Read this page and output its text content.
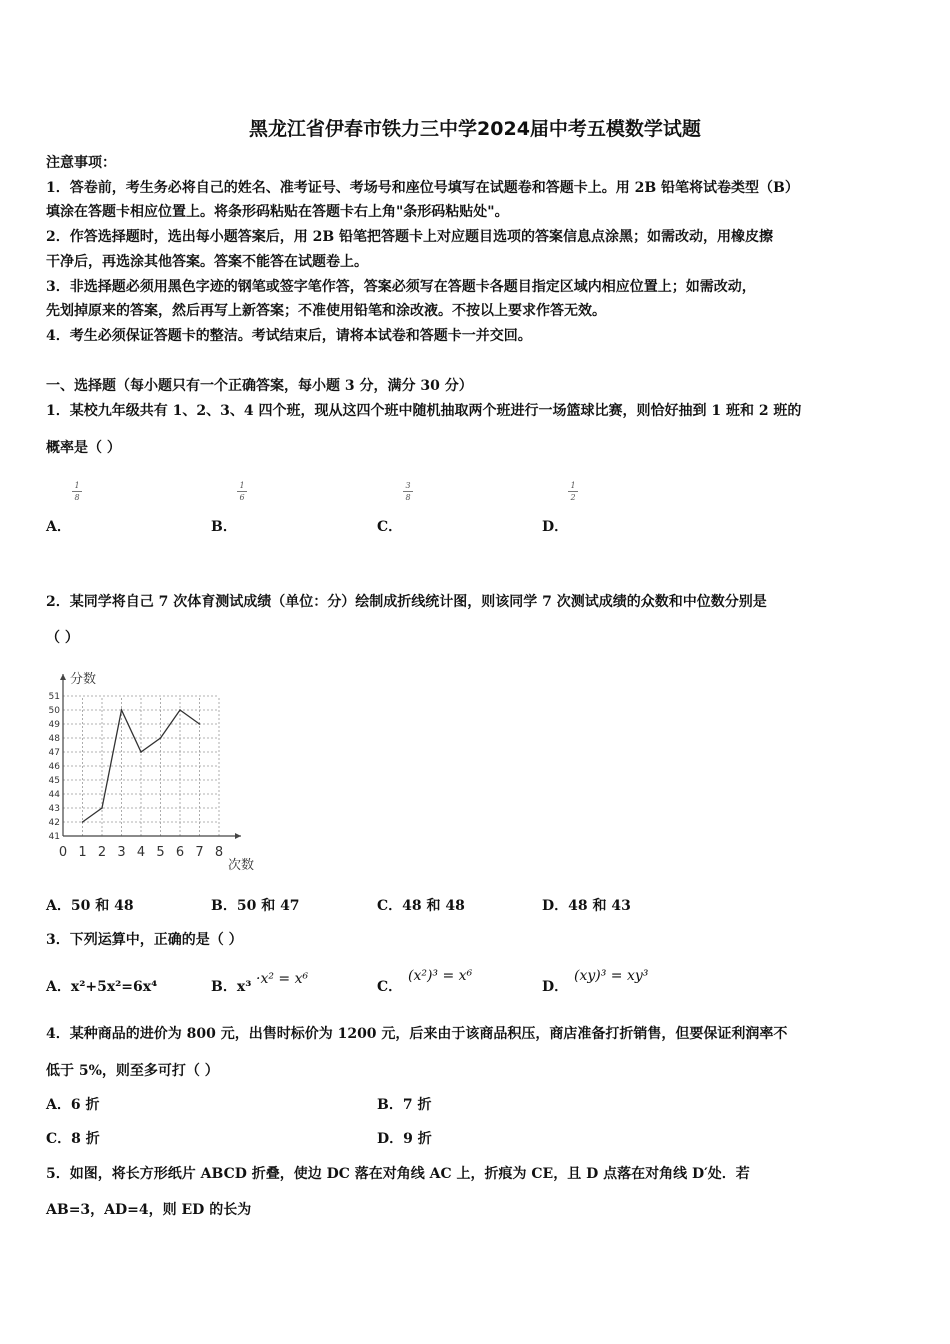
黑龙江省伊春市铁力三中学2024届中考五模数学试题
注意事项：
1．答卷前，考生务必将自己的姓名、准考证号、考场号和座位号填写在试题卷和答题卡上。用 2B 铅笔将试卷类型（B）
填涂在答题卡相应位置上。将条形码粘贴在答题卡右上角"条形码粘贴处"。
2．作答选择题时，选出每小题答案后，用 2B 铅笔把答题卡上对应题目选项的答案信息点涂黑；如需改动，用橡皮擦
干净后，再选涂其他答案。答案不能答在试题卷上。
3．非选择题必须用黑色字迹的钢笔或签字笔作答，答案必须写在答题卡各题目指定区域内相应位置上；如需改动，
先划掉原来的答案，然后再写上新答案；不准使用铅笔和涂改液。不按以上要求作答无效。
4．考生必须保证答题卡的整洁。考试结束后，请将本试卷和答题卡一并交回。
一、选择题（每小题只有一个正确答案，每小题 3 分，满分 30 分）
1．某校九年级共有 1、2、3、4 四个班，现从这四个班中随机抽取两个班进行一场篮球比赛，则恰好抽到 1 班和 2 班的
概率是（ ）
1
8
1
6
3
8
1
2
A．	B．	C．	D．
2．某同学将自己 7 次体育测试成绩（单位：分）绘制成折线统计图，则该同学 7 次测试成绩的众数和中位数分别是
（ ）
0 1 2 3 4 5 6 7 8
41
42
43
44
45
46
47
48
49
50
51
分数
次数
A．50 和 48	B．50 和 47	C．48 和 48	D．48 和 43
3．下列运算中，正确的是（ ）
A．x²+5x²=6x⁴	B．x³ ·x² = x⁶	C．
(x²)³ = x⁶
D．
(xy)³ = xy³
4．某种商品的进价为 800 元，出售时标价为 1200 元，后来由于该商品积压，商店准备打折销售，但要保证利润率不
低于 5%，则至多可打（ ）
A．6 折	B．7 折
C．8 折	D．9 折
5．如图，将长方形纸片 ABCD 折叠，使边 DC 落在对角线 AC 上，折痕为 CE，且 D 点落在对角线 D′处．若
AB=3，AD=4，则 ED 的长为
